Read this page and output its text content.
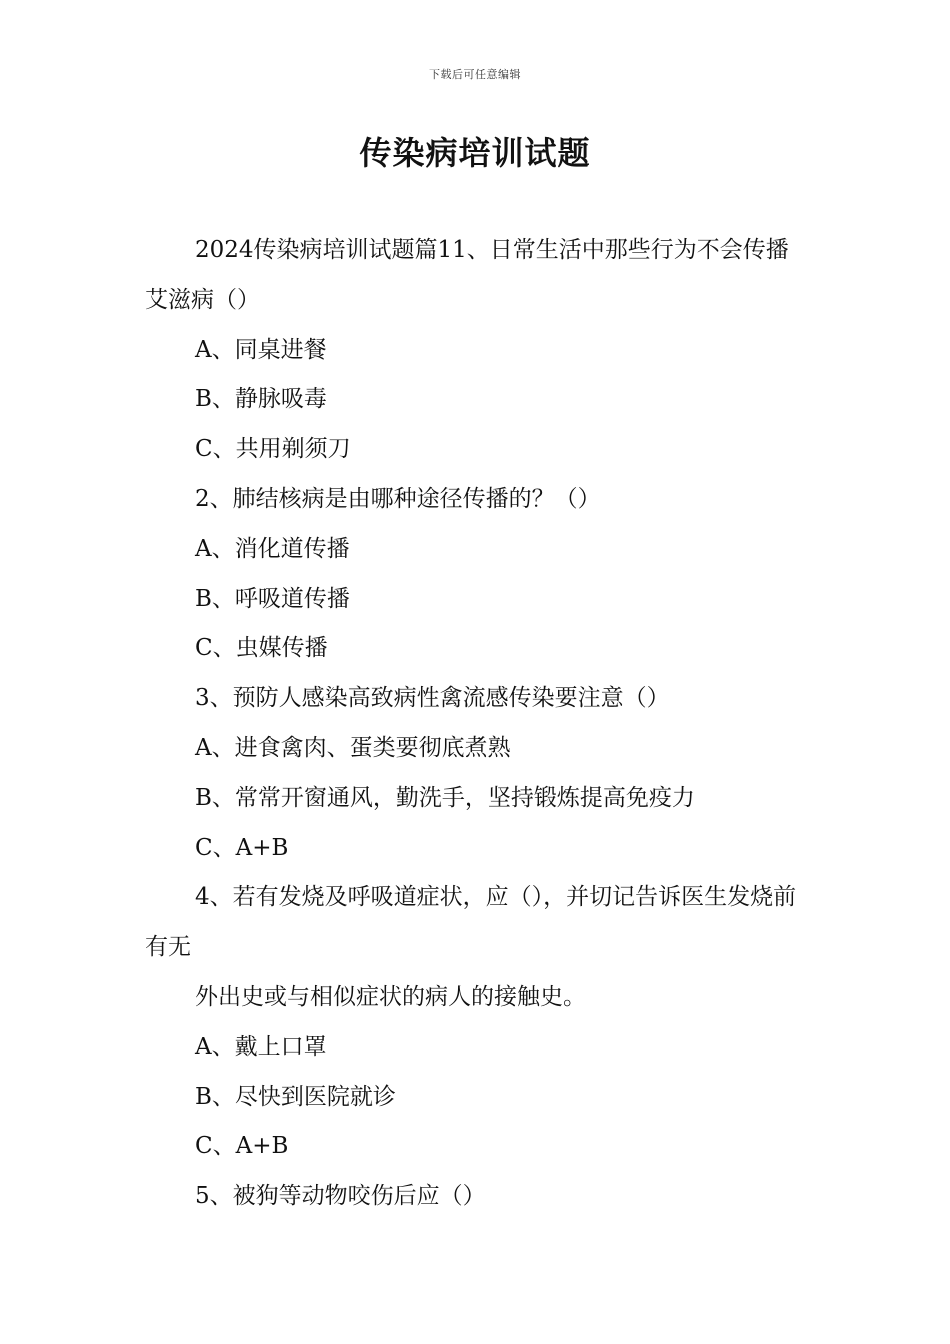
下载后可任意编辑
传染病培训试题

2024传染病培训试题篇11、日常生活中那些行为不会传播艾滋病（）

A、同桌进餐

B、静脉吸毒

C、共用剃须刀

2、肺结核病是由哪种途径传播的？（）

A、消化道传播

B、呼吸道传播

C、虫媒传播

3、预防人感染高致病性禽流感传染要注意（）

A、进食禽肉、蛋类要彻底煮熟

B、常常开窗通风，勤洗手，坚持锻炼提高免疫力

C、A+B

4、若有发烧及呼吸道症状，应（），并切记告诉医生发烧前有无

外出史或与相似症状的病人的接触史。

A、戴上口罩

B、尽快到医院就诊

C、A+B

5、被狗等动物咬伤后应（）
